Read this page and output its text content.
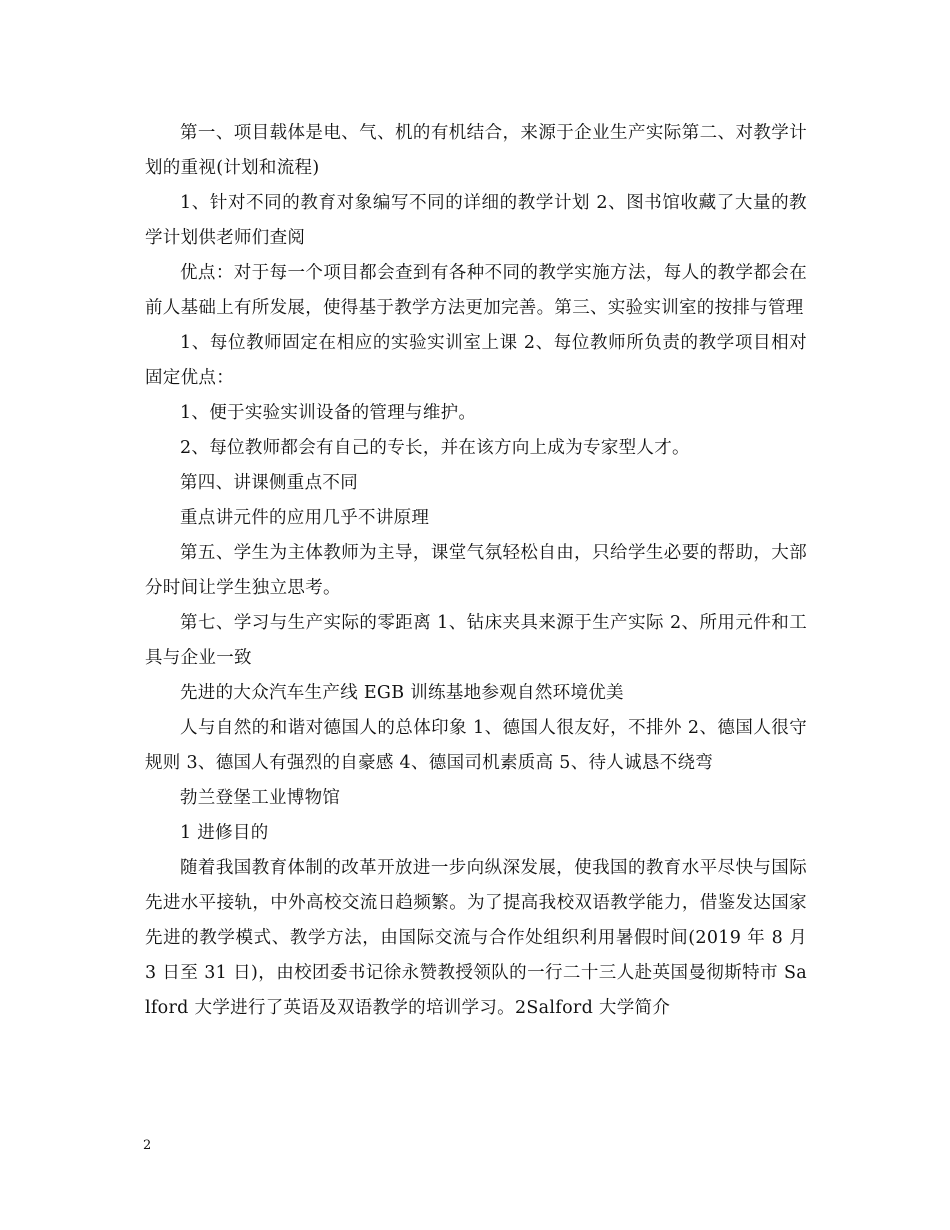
第一、项目载体是电、气、机的有机结合，来源于企业生产实际第二、对教学计划的重视(计划和流程)

1、针对不同的教育对象编写不同的详细的教学计划 2、图书馆收藏了大量的教学计划供老师们查阅

优点：对于每一个项目都会查到有各种不同的教学实施方法，每人的教学都会在前人基础上有所发展，使得基于教学方法更加完善。第三、实验实训室的按排与管理

1、每位教师固定在相应的实验实训室上课 2、每位教师所负责的教学项目相对固定优点：

1、便于实验实训设备的管理与维护。

2、每位教师都会有自己的专长，并在该方向上成为专家型人才。

第四、讲课侧重点不同

重点讲元件的应用几乎不讲原理

第五、学生为主体教师为主导，课堂气氛轻松自由，只给学生必要的帮助，大部分时间让学生独立思考。

第七、学习与生产实际的零距离 1、钻床夹具来源于生产实际 2、所用元件和工具与企业一致

先进的大众汽车生产线 EGB 训练基地参观自然环境优美

人与自然的和谐对德国人的总体印象 1、德国人很友好，不排外 2、德国人很守规则 3、德国人有强烈的自豪感 4、德国司机素质高 5、待人诚恳不绕弯

勃兰登堡工业博物馆

1 进修目的

随着我国教育体制的改革开放进一步向纵深发展，使我国的教育水平尽快与国际先进水平接轨，中外高校交流日趋频繁。为了提高我校双语教学能力，借鉴发达国家先进的教学模式、教学方法，由国际交流与合作处组织利用暑假时间(2019 年 8 月 3 日至 31 日)，由校团委书记徐永赞教授领队的一行二十三人赴英国曼彻斯特市 Salford 大学进行了英语及双语教学的培训学习。2Salford 大学简介

2
